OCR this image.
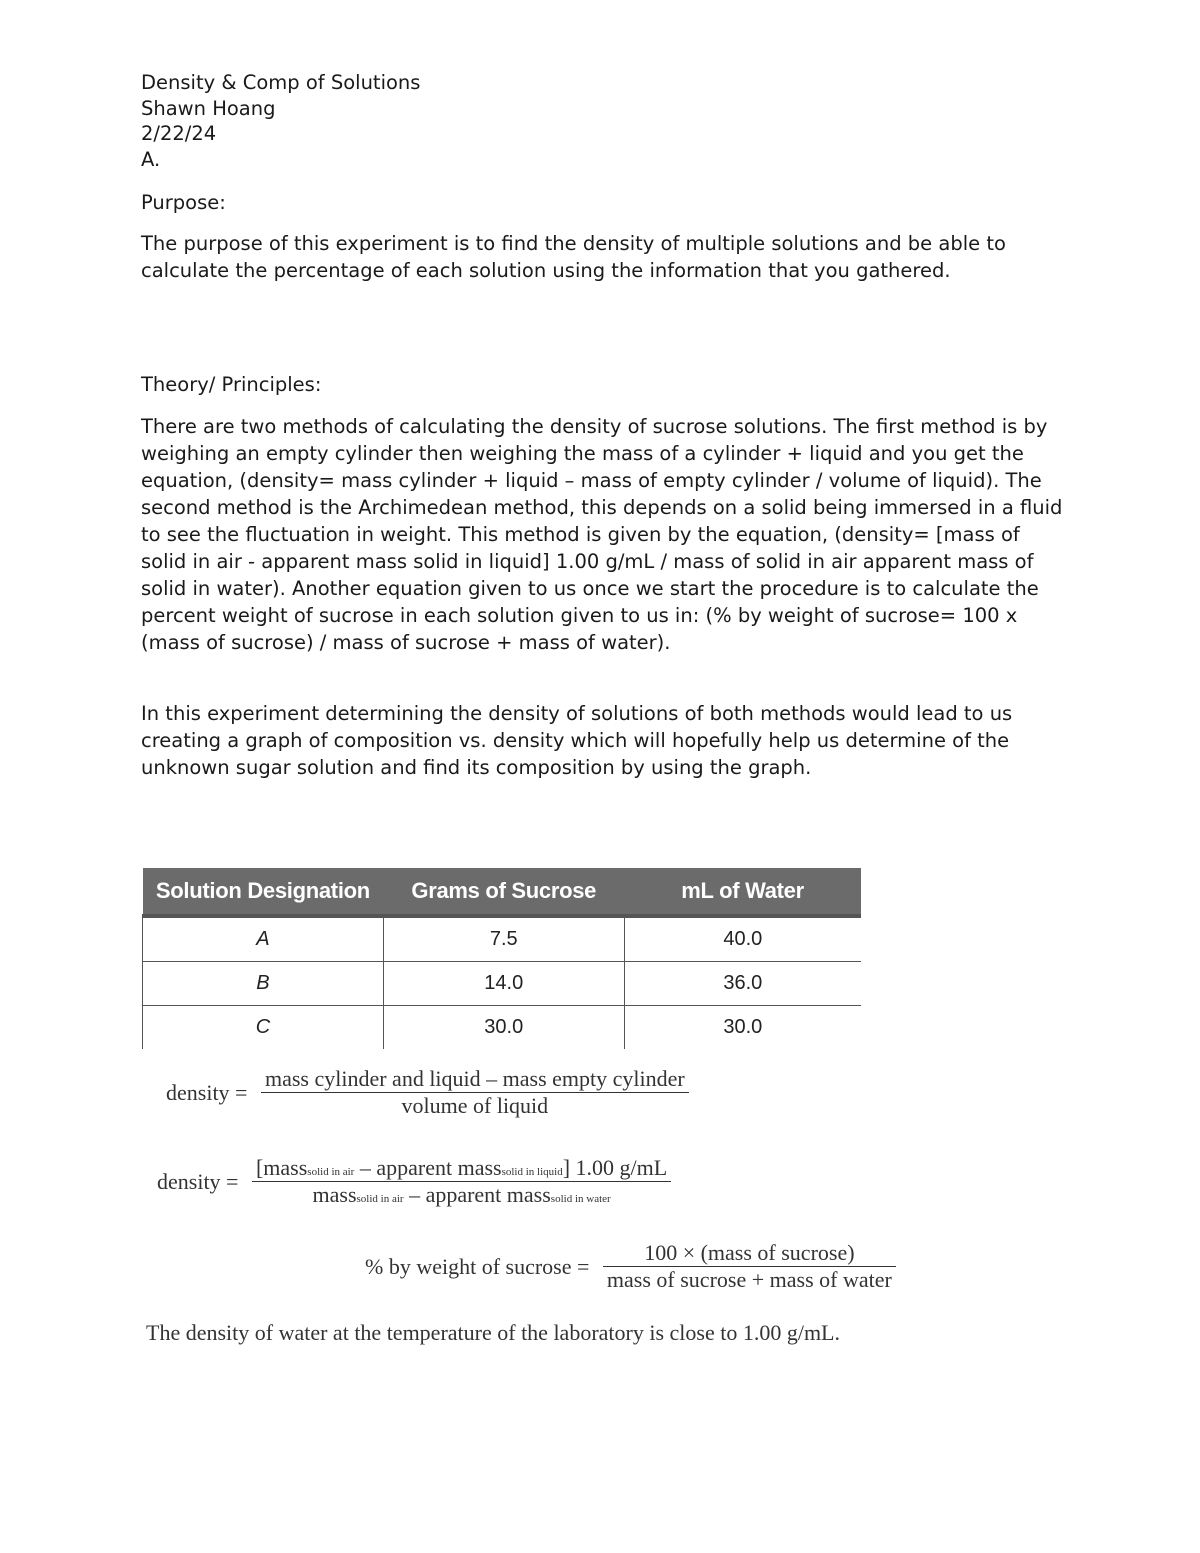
Density & Comp of Solutions
Shawn Hoang
2/22/24
A.
Purpose:
The purpose of this experiment is to find the density of multiple solutions and be able to calculate the percentage of each solution using the information that you gathered.
Theory/ Principles:
There are two methods of calculating the density of sucrose solutions. The first method is by weighing an empty cylinder then weighing the mass of a cylinder + liquid and you get the equation, (density= mass cylinder + liquid – mass of empty cylinder / volume of liquid). The second method is the Archimedean method, this depends on a solid being immersed in a fluid to see the fluctuation in weight. This method is given by the equation, (density= [mass of solid in air - apparent mass solid in liquid] 1.00 g/mL / mass of solid in air apparent mass of solid in water). Another equation given to us once we start the procedure is to calculate the percent weight of sucrose in each solution given to us in: (% by weight of sucrose= 100 x (mass of sucrose) / mass of sucrose + mass of water).
In this experiment determining the density of solutions of both methods would lead to us creating a graph of composition vs. density which will hopefully help us determine of the unknown sugar solution and find its composition by using the graph.
Solution Designation	Grams of Sucrose	mL of Water
A	7.5	40.0
B	14.0	36.0
C	30.0	30.0
density = $\frac{\text{mass cylinder and liquid – mass empty cylinder}}{\text{volume of liquid}}$
density = $\frac{\text{[masssolid in air – apparent masssolid in liquid] 1.00 g/mL}}{\text{masssolid in air – apparent masssolid in water}}$
% by weight of sucrose = $\frac{\text{100 × (mass of sucrose)}}{\text{mass of sucrose + mass of water}}$
The density of water at the temperature of the laboratory is close to 1.00 g/mL.
